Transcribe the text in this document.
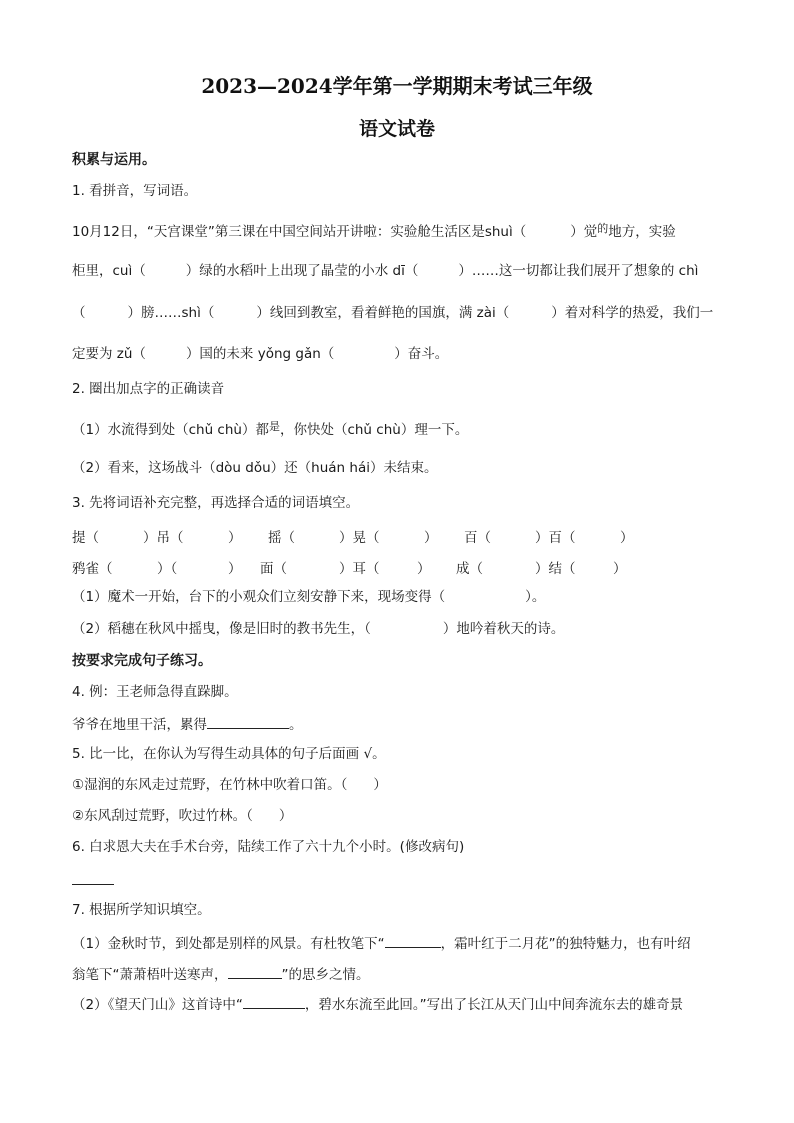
2023—2024学年第一学期期末考试三年级
语文试卷
积累与运用。
1. 看拼音，写词语。
10月12日，“天宫课堂”第三课在中国空间站开讲啦：实验舱生活区是shuì（	）觉$^的$地方，实验
柜里，cuì（	）绿的水稻叶上出现了晶莹的小水 dī（	）……这一切都让我们展开了想象的 chì
（	）膀……shì（	）线回到教室，看着鲜艳的国旗，满 zài（	）着对科学的热爱，我们一
定要为 zǔ（	）国的未来 yǒng gǎn（	）奋斗。
2. 圈出加点字的正确读音
（1）水流得到处（chǔ chù）都$^是$，你快处（chǔ chù）理一下。
（2）看来，这场战斗（dòu dǒu）还（huán hái）未结束。
3. 先将词语补充完整，再选择合适的词语填空。
提（	）吊（	） 摇（	）晃（	） 百（	）百（	）
鸦雀（	）（	） 面（	）耳（	） 成（	）结（	）
（1）魔术一开始，台下的小观众们立刻安静下来，现场变得（	）。
（2）稻穗在秋风中摇曳，像是旧时的教书先生，（	）地吟着秋天的诗。
按要求完成句子练习。
4. 例：王老师急得直跺脚。
爷爷在地里干活，累得	。
5. 比一比，在你认为写得生动具体的句子后面画 √。
①湿润的东风走过荒野，在竹林中吹着口笛。（ ）
②东风刮过荒野，吹过竹林。（ ）
6. 白求恩大夫在手术台旁，陆续工作了六十九个小时。(修改病句)
7. 根据所学知识填空。
（1）金秋时节，到处都是别样的风景。有杜牧笔下“	，霜叶红于二月花”的独特魅力，也有叶绍
翁笔下“萧萧梧叶送寒声，	”的思乡之情。
（2）《望天门山》这首诗中“	，碧水东流至此回。”写出了长江从天门山中间奔流东去的雄奇景
